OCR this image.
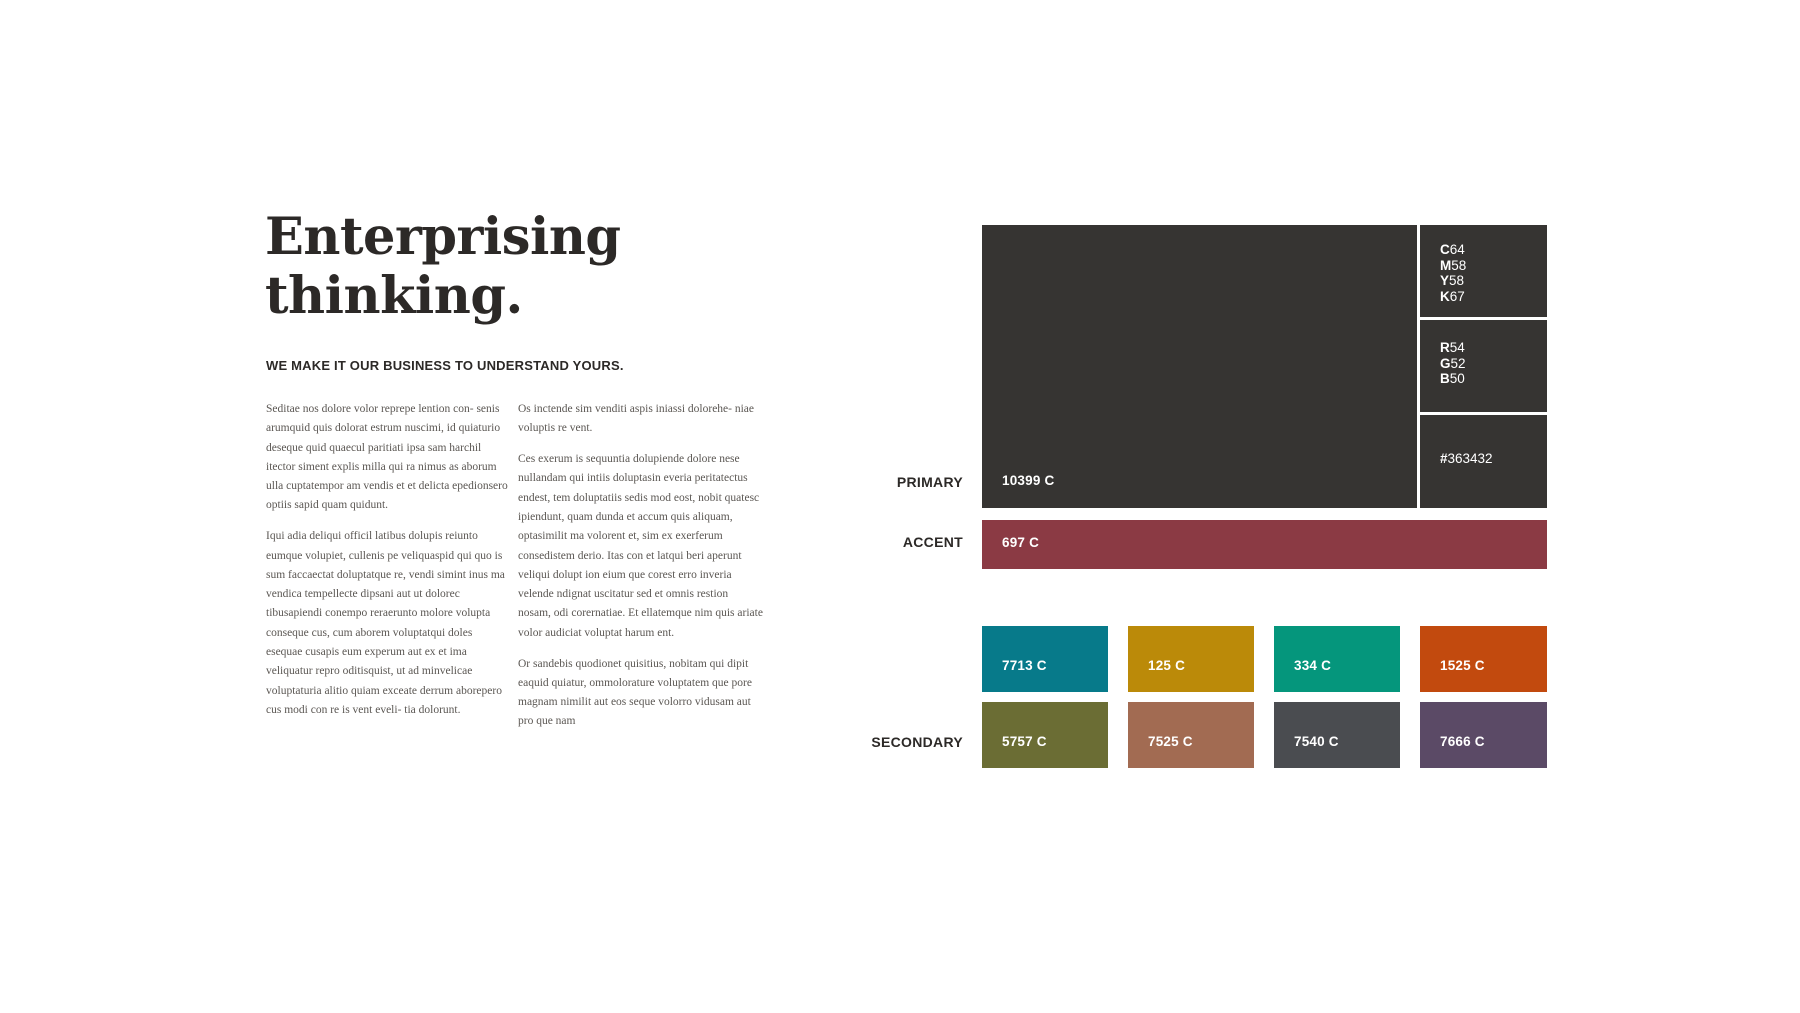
Enterprising
thinking.

WE MAKE IT OUR BUSINESS TO UNDERSTAND YOURS.

Seditae nos dolore volor reprepe lention con- senis arumquid quis dolorat estrum nuscimi, id quiaturio deseque quid quaecul paritiati ipsa sam harchil itector siment explis milla qui ra nimus as aborum ulla cuptatempor am vendis et et delicta epedionsero optiis sapid quam quidunt.

Iqui adia deliqui officil latibus dolupis reiunto eumque volupiet, cullenis pe veliquaspid qui quo is sum faccaectat doluptatque re, vendi simint inus ma vendica tempellecte dipsani aut ut dolorec tibusapiendi conempo reraerunto molore volupta conseque cus, cum aborem voluptatqui doles esequae cusapis eum experum aut ex et ima veliquatur repro oditisquist, ut ad minvelicae voluptaturia alitio quiam exceate derrum aborepero cus modi con re is vent eveli- tia dolorunt.

Os inctende sim venditi aspis iniassi dolorehe- niae voluptis re vent.

Ces exerum is sequuntia dolupiende dolore nese nullandam qui intiis doluptasin everia peritatectus endest, tem doluptatiis sedis mod eost, nobit quatesc ipiendunt, quam dunda et accum quis aliquam, optasimilit ma volorent et, sim ex exerferum consedistem derio. Itas con et latqui beri aperunt veliqui dolupt ion eium que corest erro inveria velende ndignat uscitatur sed et omnis restion nosam, odi corernatiae. Et ellatemque nim quis ariate volor audiciat voluptat harum ent.

Or sandebis quodionet quisitius, nobitam qui dipit eaquid quiatur, ommolorature voluptatem que pore magnam nimilit aut eos seque volorro vidusam aut pro que nam

PRIMARY	10399 C
C64
M58
Y58
K67
R54
G52
B50
#363432
ACCENT	697 C
SECONDARY
7713 C	125 C	334 C	1525 C
5757 C	7525 C	7540 C	7666 C
